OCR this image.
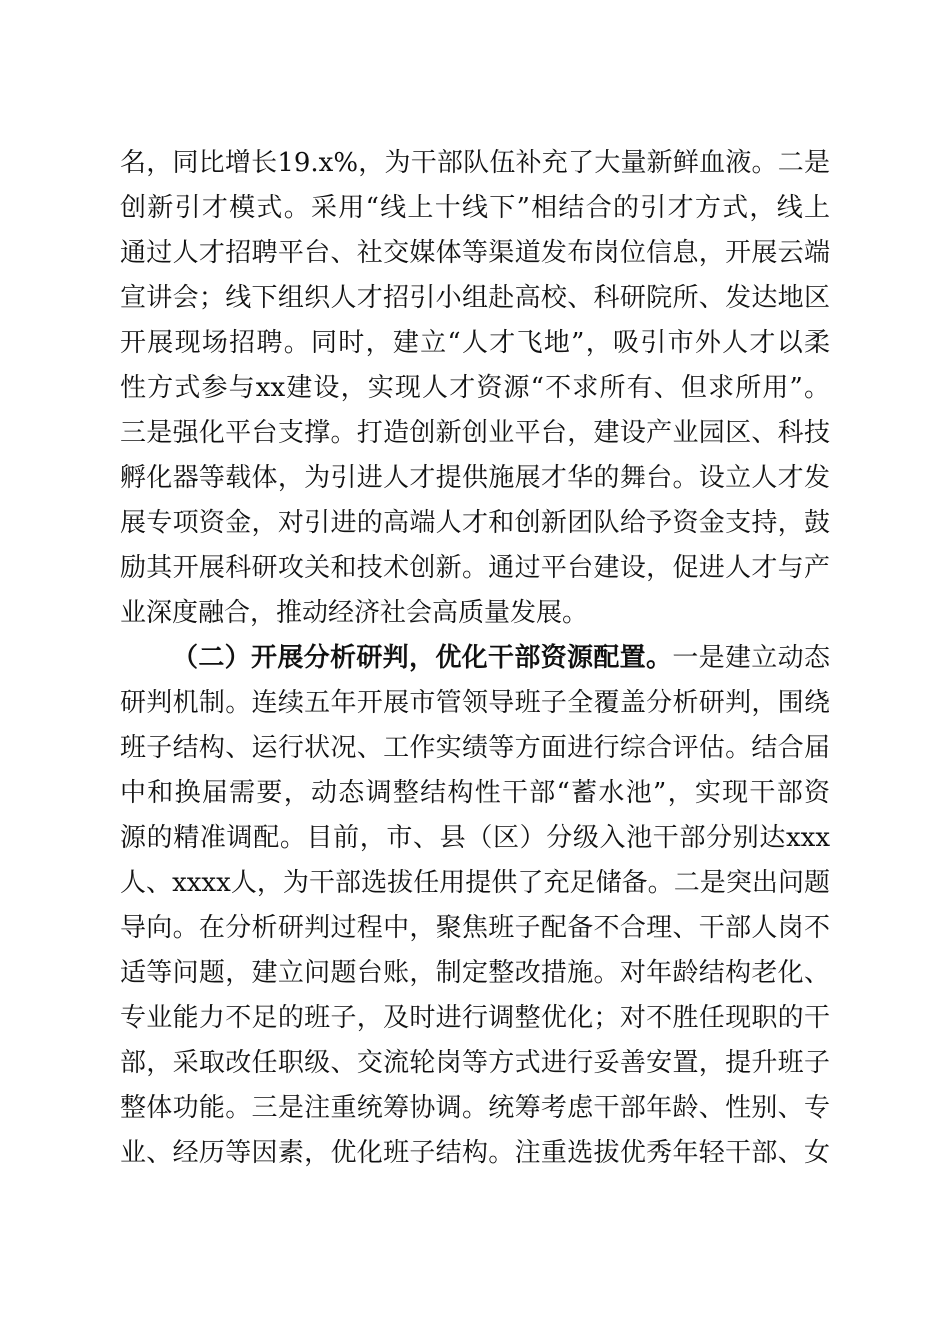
名，同比增长19.x%，为干部队伍补充了大量新鲜血液。二是
创新引才模式。采用“线上十线下”相结合的引才方式，线上
通过人才招聘平台、社交媒体等渠道发布岗位信息，开展云端
宣讲会；线下组织人才招引小组赴高校、科研院所、发达地区
开展现场招聘。同时，建立“人才飞地”，吸引市外人才以柔
性方式参与xx建设，实现人才资源“不求所有、但求所用”。
三是强化平台支撑。打造创新创业平台，建设产业园区、科技
孵化器等载体，为引进人才提供施展才华的舞台。设立人才发
展专项资金，对引进的高端人才和创新团队给予资金支持，鼓
励其开展科研攻关和技术创新。通过平台建设，促进人才与产
业深度融合，推动经济社会高质量发展。
（二）开展分析研判，优化干部资源配置。一是建立动态
研判机制。连续五年开展市管领导班子全覆盖分析研判，围绕
班子结构、运行状况、工作实绩等方面进行综合评估。结合届
中和换届需要，动态调整结构性干部“蓄水池”，实现干部资
源的精准调配。目前，市、县（区）分级入池干部分别达xxx
人、xxxx人，为干部选拔任用提供了充足储备。二是突出问题
导向。在分析研判过程中，聚焦班子配备不合理、干部人岗不
适等问题，建立问题台账，制定整改措施。对年龄结构老化、
专业能力不足的班子，及时进行调整优化；对不胜任现职的干
部，采取改任职级、交流轮岗等方式进行妥善安置，提升班子
整体功能。三是注重统筹协调。统筹考虑干部年龄、性别、专
业、经历等因素，优化班子结构。注重选拔优秀年轻干部、女
